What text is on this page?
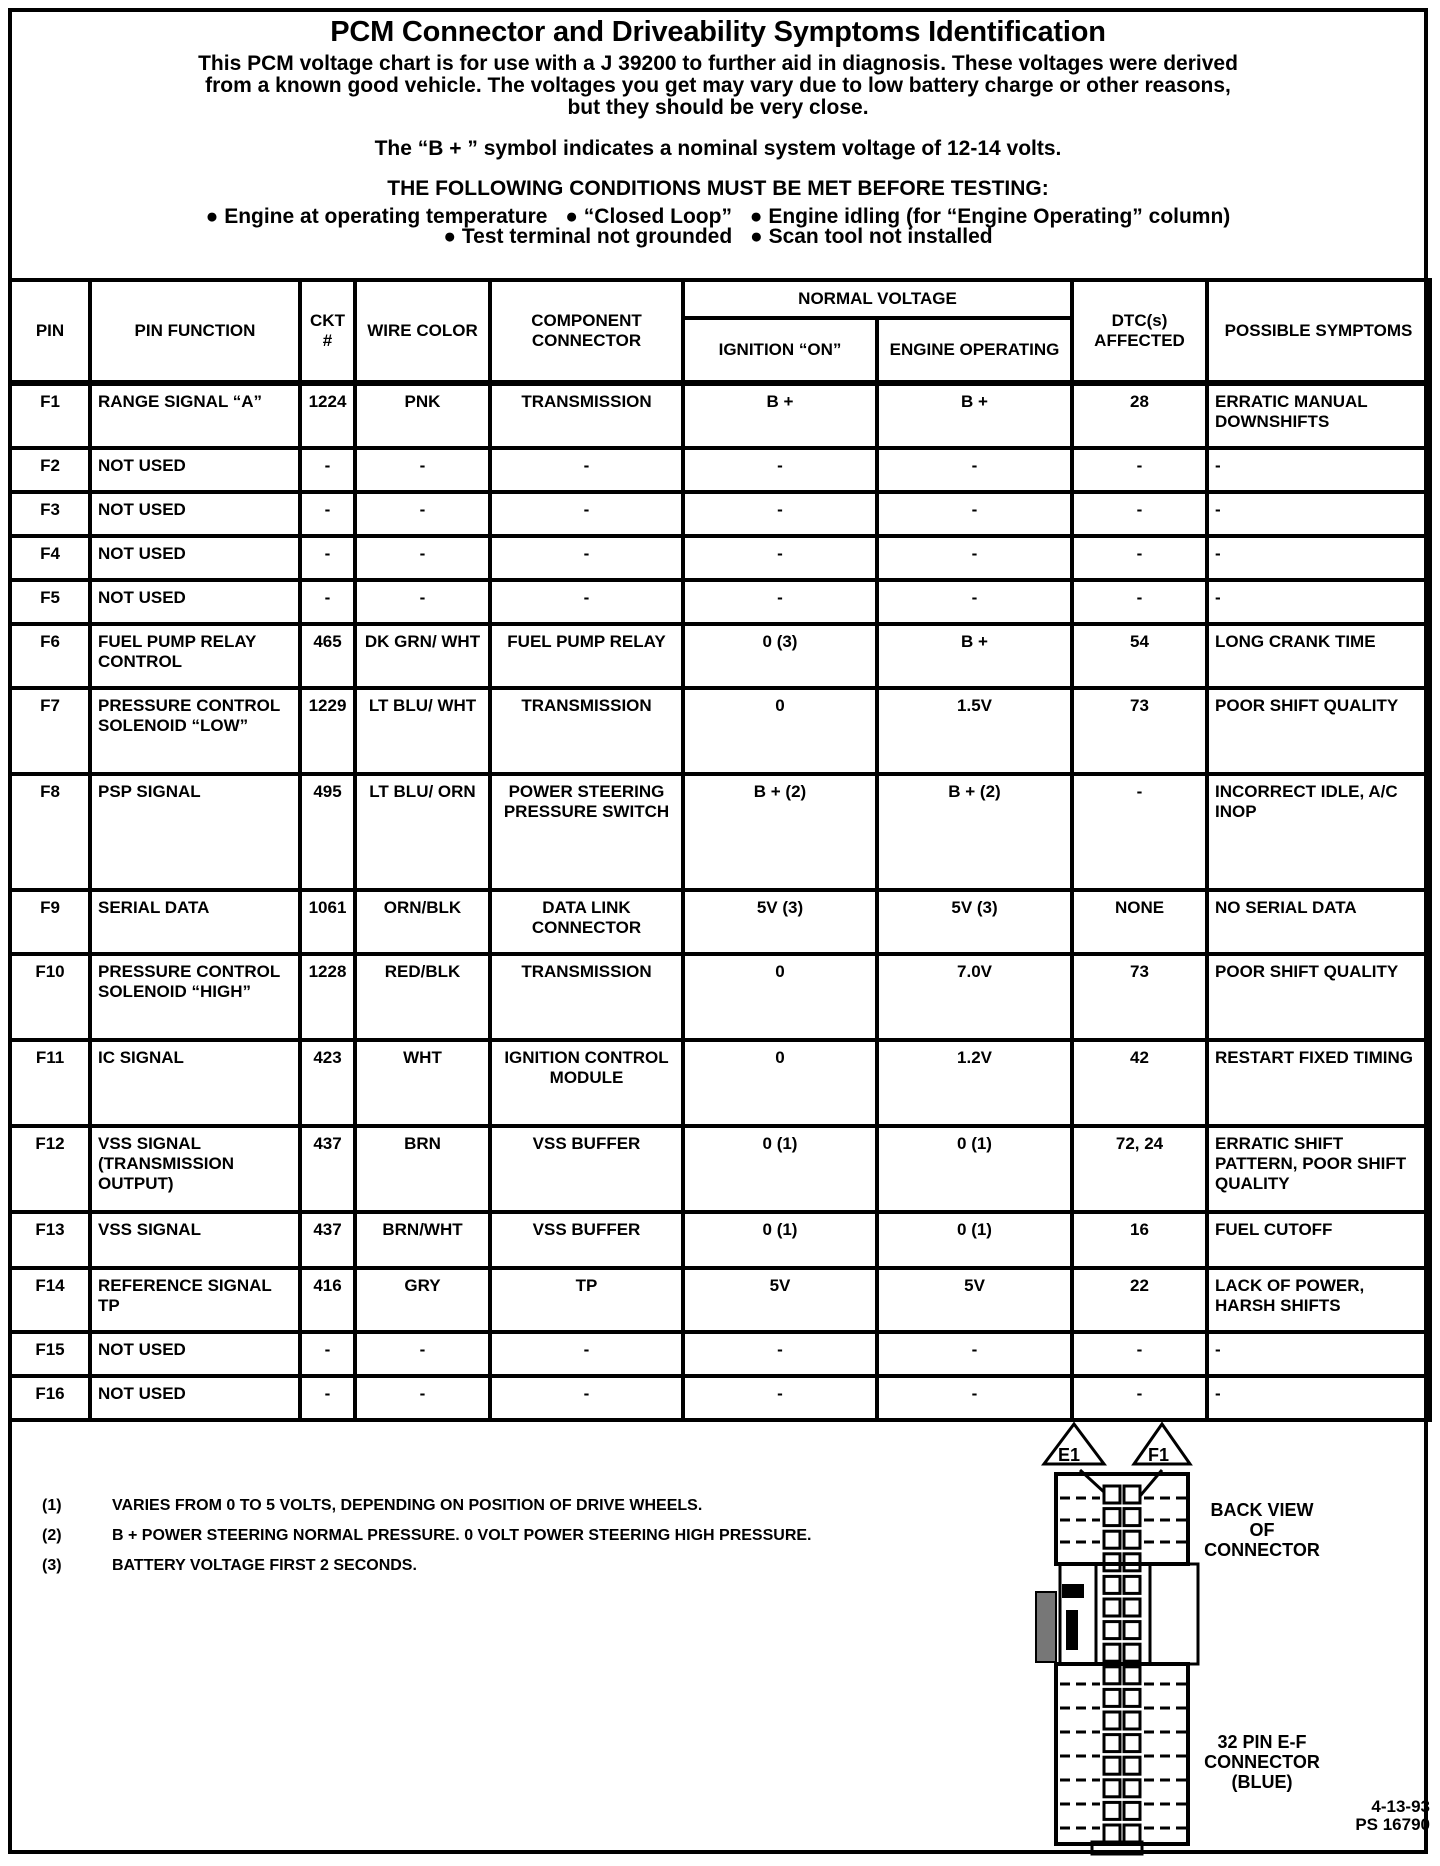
PCM Connector and Driveability Symptoms Identification
This PCM voltage chart is for use with a J 39200 to further aid in diagnosis. These voltages were derived
from a known good vehicle. The voltages you get may vary due to low battery charge or other reasons,
but they should be very close.
The “B + ” symbol indicates a nominal system voltage of 12-14 volts.
THE FOLLOWING CONDITIONS MUST BE MET BEFORE TESTING:
● Engine at operating temperature ● “Closed Loop” ● Engine idling (for “Engine Operating” column)
● Test terminal not grounded ● Scan tool not installed
PIN	PIN FUNCTION	CKT #	WIRE COLOR	COMPONENT CONNECTOR	NORMAL VOLTAGE		DTC(s) AFFECTED	POSSIBLE SYMPTOMS
					IGNITION “ON”	ENGINE OPERATING		
F1	RANGE SIGNAL “A”	1224	PNK	TRANSMISSION	B +	B +	28	ERRATIC MANUAL DOWNSHIFTS
F2	NOT USED	-	-	-	-	-	-	-
F3	NOT USED	-	-	-	-	-	-	-
F4	NOT USED	-	-	-	-	-	-	-
F5	NOT USED	-	-	-	-	-	-	-
F6	FUEL PUMP RELAY CONTROL	465	DK GRN/ WHT	FUEL PUMP RELAY	0 (3)	B +	54	LONG CRANK TIME
F7	PRESSURE CONTROL SOLENOID “LOW”	1229	LT BLU/ WHT	TRANSMISSION	0	1.5V	73	POOR SHIFT QUALITY
F8	PSP SIGNAL	495	LT BLU/ ORN	POWER STEERING PRESSURE SWITCH	B + (2)	B + (2)	-	INCORRECT IDLE, A/C INOP
F9	SERIAL DATA	1061	ORN/BLK	DATA LINK CONNECTOR	5V (3)	5V (3)	NONE	NO SERIAL DATA
F10	PRESSURE CONTROL SOLENOID “HIGH”	1228	RED/BLK	TRANSMISSION	0	7.0V	73	POOR SHIFT QUALITY
F11	IC SIGNAL	423	WHT	IGNITION CONTROL MODULE	0	1.2V	42	RESTART FIXED TIMING
F12	VSS SIGNAL (TRANSMISSION OUTPUT)	437	BRN	VSS BUFFER	0 (1)	0 (1)	72, 24	ERRATIC SHIFT PATTERN, POOR SHIFT QUALITY
F13	VSS SIGNAL	437	BRN/WHT	VSS BUFFER	0 (1)	0 (1)	16	FUEL CUTOFF
F14	REFERENCE SIGNAL TP	416	GRY	TP	5V	5V	22	LACK OF POWER, HARSH SHIFTS
F15	NOT USED	-	-	-	-	-	-	-
F16	NOT USED	-	-	-	-	-	-	-
(1)	VARIES FROM 0 TO 5 VOLTS, DEPENDING ON POSITION OF DRIVE WHEELS.
(2)	B + POWER STEERING NORMAL PRESSURE. 0 VOLT POWER STEERING HIGH PRESSURE.
(3)	BATTERY VOLTAGE FIRST 2 SECONDS.
E1	F1
BACK VIEW OF CONNECTOR
32 PIN E-F CONNECTOR (BLUE)
4-13-93
PS 16790
